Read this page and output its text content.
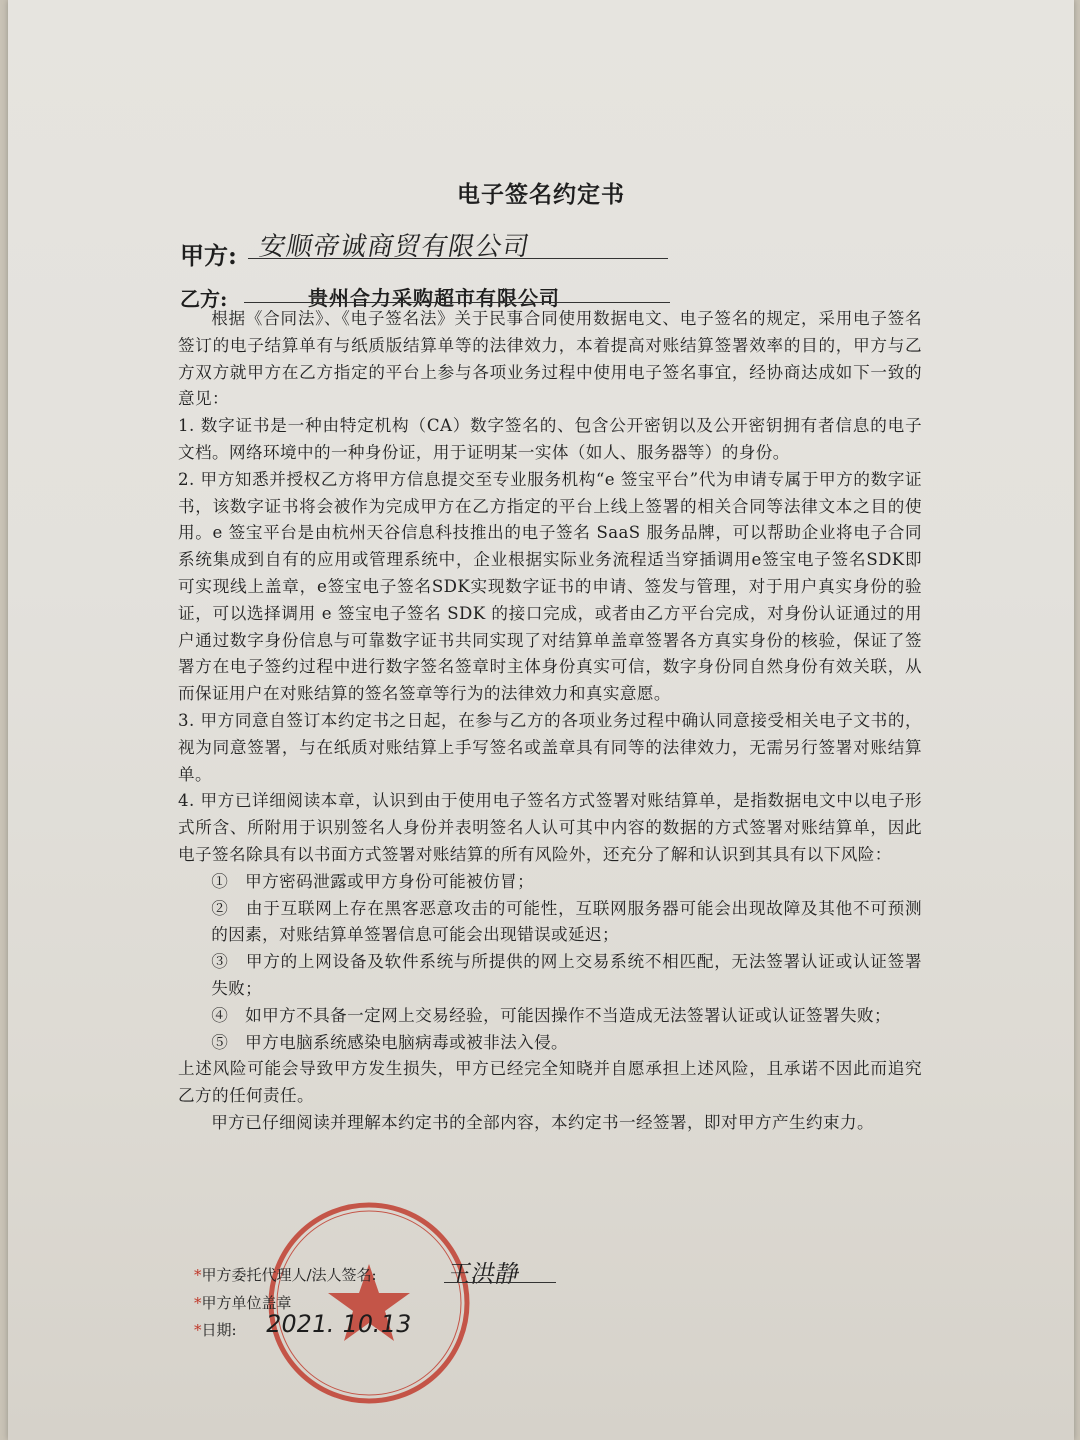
电子签名约定书
甲方: 安顺帝诚商贸有限公司
乙方:	贵州合力采购超市有限公司

根据《合同法》、《电子签名法》关于民事合同使用数据电文、电子签名的规定，采用电子签名签订的电子结算单有与纸质版结算单等的法律效力，本着提高对账结算签署效率的目的，甲方与乙方双方就甲方在乙方指定的平台上参与各项业务过程中使用电子签名事宜，经协商达成如下一致的意见：

1. 数字证书是一种由特定机构（CA）数字签名的、包含公开密钥以及公开密钥拥有者信息的电子文档。网络环境中的一种身份证，用于证明某一实体（如人、服务器等）的身份。

2. 甲方知悉并授权乙方将甲方信息提交至专业服务机构“e 签宝平台”代为申请专属于甲方的数字证书，该数字证书将会被作为完成甲方在乙方指定的平台上线上签署的相关合同等法律文本之目的使用。e 签宝平台是由杭州天谷信息科技推出的电子签名 SaaS 服务品牌，可以帮助企业将电子合同系统集成到自有的应用或管理系统中，企业根据实际业务流程适当穿插调用e签宝电子签名SDK即可实现线上盖章，e签宝电子签名SDK实现数字证书的申请、签发与管理，对于用户真实身份的验证，可以选择调用 e 签宝电子签名 SDK 的接口完成，或者由乙方平台完成，对身份认证通过的用户通过数字身份信息与可靠数字证书共同实现了对结算单盖章签署各方真实身份的核验，保证了签署方在电子签约过程中进行数字签名签章时主体身份真实可信，数字身份同自然身份有效关联，从而保证用户在对账结算的签名签章等行为的法律效力和真实意愿。

3. 甲方同意自签订本约定书之日起，在参与乙方的各项业务过程中确认同意接受相关电子文书的，视为同意签署，与在纸质对账结算上手写签名或盖章具有同等的法律效力，无需另行签署对账结算单。

4. 甲方已详细阅读本章，认识到由于使用电子签名方式签署对账结算单，是指数据电文中以电子形式所含、所附用于识别签名人身份并表明签名人认可其中内容的数据的方式签署对账结算单，因此电子签名除具有以书面方式签署对账结算的所有风险外，还充分了解和认识到其具有以下风险：

①　甲方密码泄露或甲方身份可能被仿冒；

②　由于互联网上存在黑客恶意攻击的可能性，互联网服务器可能会出现故障及其他不可预测的因素，对账结算单签署信息可能会出现错误或延迟；

③　甲方的上网设备及软件系统与所提供的网上交易系统不相匹配，无法签署认证或认证签署失败；

④　如甲方不具备一定网上交易经验，可能因操作不当造成无法签署认证或认证签署失败；

⑤　甲方电脑系统感染电脑病毒或被非法入侵。

上述风险可能会导致甲方发生损失，甲方已经完全知晓并自愿承担上述风险，且承诺不因此而追究乙方的任何责任。

甲方已仔细阅读并理解本约定书的全部内容，本约定书一经签署，即对甲方产生约束力。

*甲方委托代理人/法人签名:	王洪静
*甲方单位盖章
*日期: 2021. 10.13
